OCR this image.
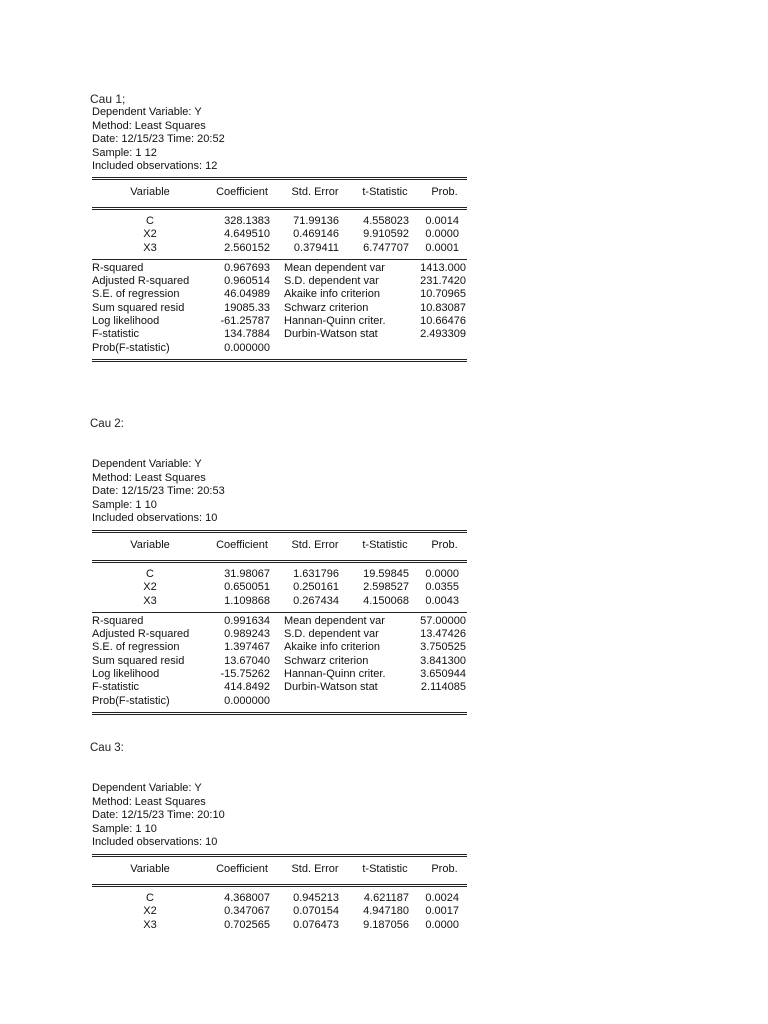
Cau 1;
Dependent Variable: Y
Method: Least Squares
Date: 12/15/23 Time: 20:52
Sample: 1 12
Included observations: 12
Variable	Coefficient	Std. Error	t-Statistic	Prob.
C	328.1383 71.99136 4.558023 0.0014
X2	4.649510 0.469146 9.910592 0.0000
X3	2.560152 0.379411 6.747707 0.0001
R-squared	0.967693 Mean dependent var	1413.000
Adjusted R-squared	0.960514 S.D. dependent var	231.7420
S.E. of regression	46.04989 Akaike info criterion	10.70965
Sum squared resid	19085.33 Schwarz criterion	10.83087
Log likelihood	-61.25787 Hannan-Quinn criter.	10.66476
F-statistic	134.7884 Durbin-Watson stat	2.493309
Prob(F-statistic)	0.000000
Cau 2:
Dependent Variable: Y
Method: Least Squares
Date: 12/15/23 Time: 20:53
Sample: 1 10
Included observations: 10
Variable	Coefficient	Std. Error	t-Statistic	Prob.
C	31.98067 1.631796 19.59845 0.0000
X2	0.650051 0.250161 2.598527 0.0355
X3	1.109868 0.267434 4.150068 0.0043
R-squared	0.991634 Mean dependent var	57.00000
Adjusted R-squared	0.989243 S.D. dependent var	13.47426
S.E. of regression	1.397467 Akaike info criterion	3.750525
Sum squared resid	13.67040 Schwarz criterion	3.841300
Log likelihood	-15.75262 Hannan-Quinn criter.	3.650944
F-statistic	414.8492 Durbin-Watson stat	2.114085
Prob(F-statistic)	0.000000
Cau 3:
Dependent Variable: Y
Method: Least Squares
Date: 12/15/23 Time: 20:10
Sample: 1 10
Included observations: 10
Variable	Coefficient	Std. Error	t-Statistic	Prob.
C	4.368007 0.945213 4.621187 0.0024
X2	0.347067 0.070154 4.947180 0.0017
X3	0.702565 0.076473 9.187056 0.0000
